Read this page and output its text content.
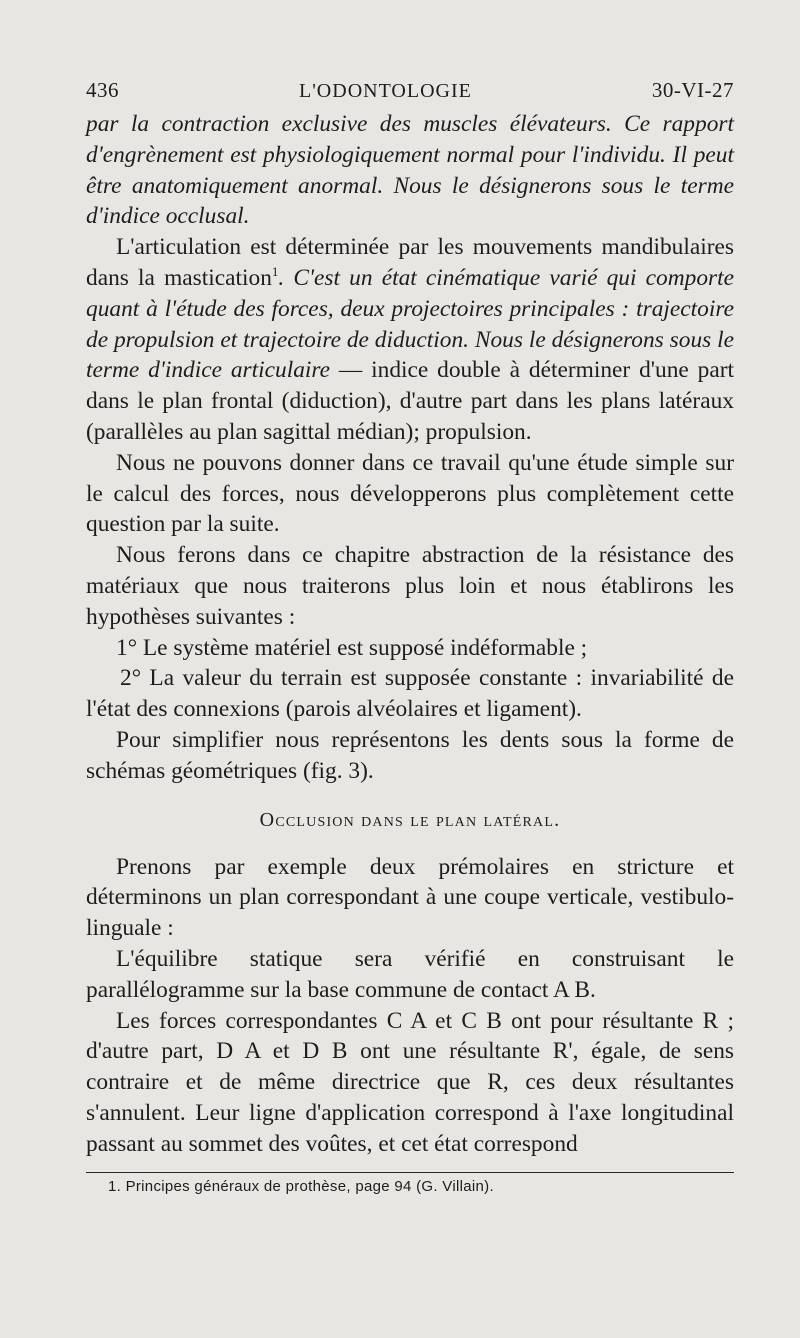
436	L'ODONTOLOGIE	30-VI-27

par la contraction exclusive des muscles élévateurs. Ce rapport d'engrènement est physiologiquement normal pour l'individu. Il peut être anatomiquement anormal. Nous le désignerons sous le terme d'indice occlusal.

L'articulation est déterminée par les mouvements mandibulaires dans la mastication$^1$. C'est un état cinématique varié qui comporte quant à l'étude des forces, deux projectoires principales : trajectoire de propulsion et trajectoire de diduction. Nous le désignerons sous le terme d'indice articulaire — indice double à déterminer d'une part dans le plan frontal (diduction), d'autre part dans les plans latéraux (parallèles au plan sagittal médian); propulsion.

Nous ne pouvons donner dans ce travail qu'une étude simple sur le calcul des forces, nous développerons plus complètement cette question par la suite.

Nous ferons dans ce chapitre abstraction de la résistance des matériaux que nous traiterons plus loin et nous établirons les hypothèses suivantes :

1° Le système matériel est supposé indéformable ;

2° La valeur du terrain est supposée constante : invariabilité de l'état des connexions (parois alvéolaires et ligament).

Pour simplifier nous représentons les dents sous la forme de schémas géométriques (fig. 3).

Occlusion dans le plan latéral.

Prenons par exemple deux prémolaires en stricture et déterminons un plan correspondant à une coupe verticale, vestibulo-linguale :

L'équilibre statique sera vérifié en construisant le parallélogramme sur la base commune de contact A B.

Les forces correspondantes C A et C B ont pour résultante R ; d'autre part, D A et D B ont une résultante R', égale, de sens contraire et de même directrice que R, ces deux résultantes s'annulent. Leur ligne d'application correspond à l'axe longitudinal passant au sommet des voûtes, et cet état correspond

1. Principes généraux de prothèse, page 94 (G. Villain).
